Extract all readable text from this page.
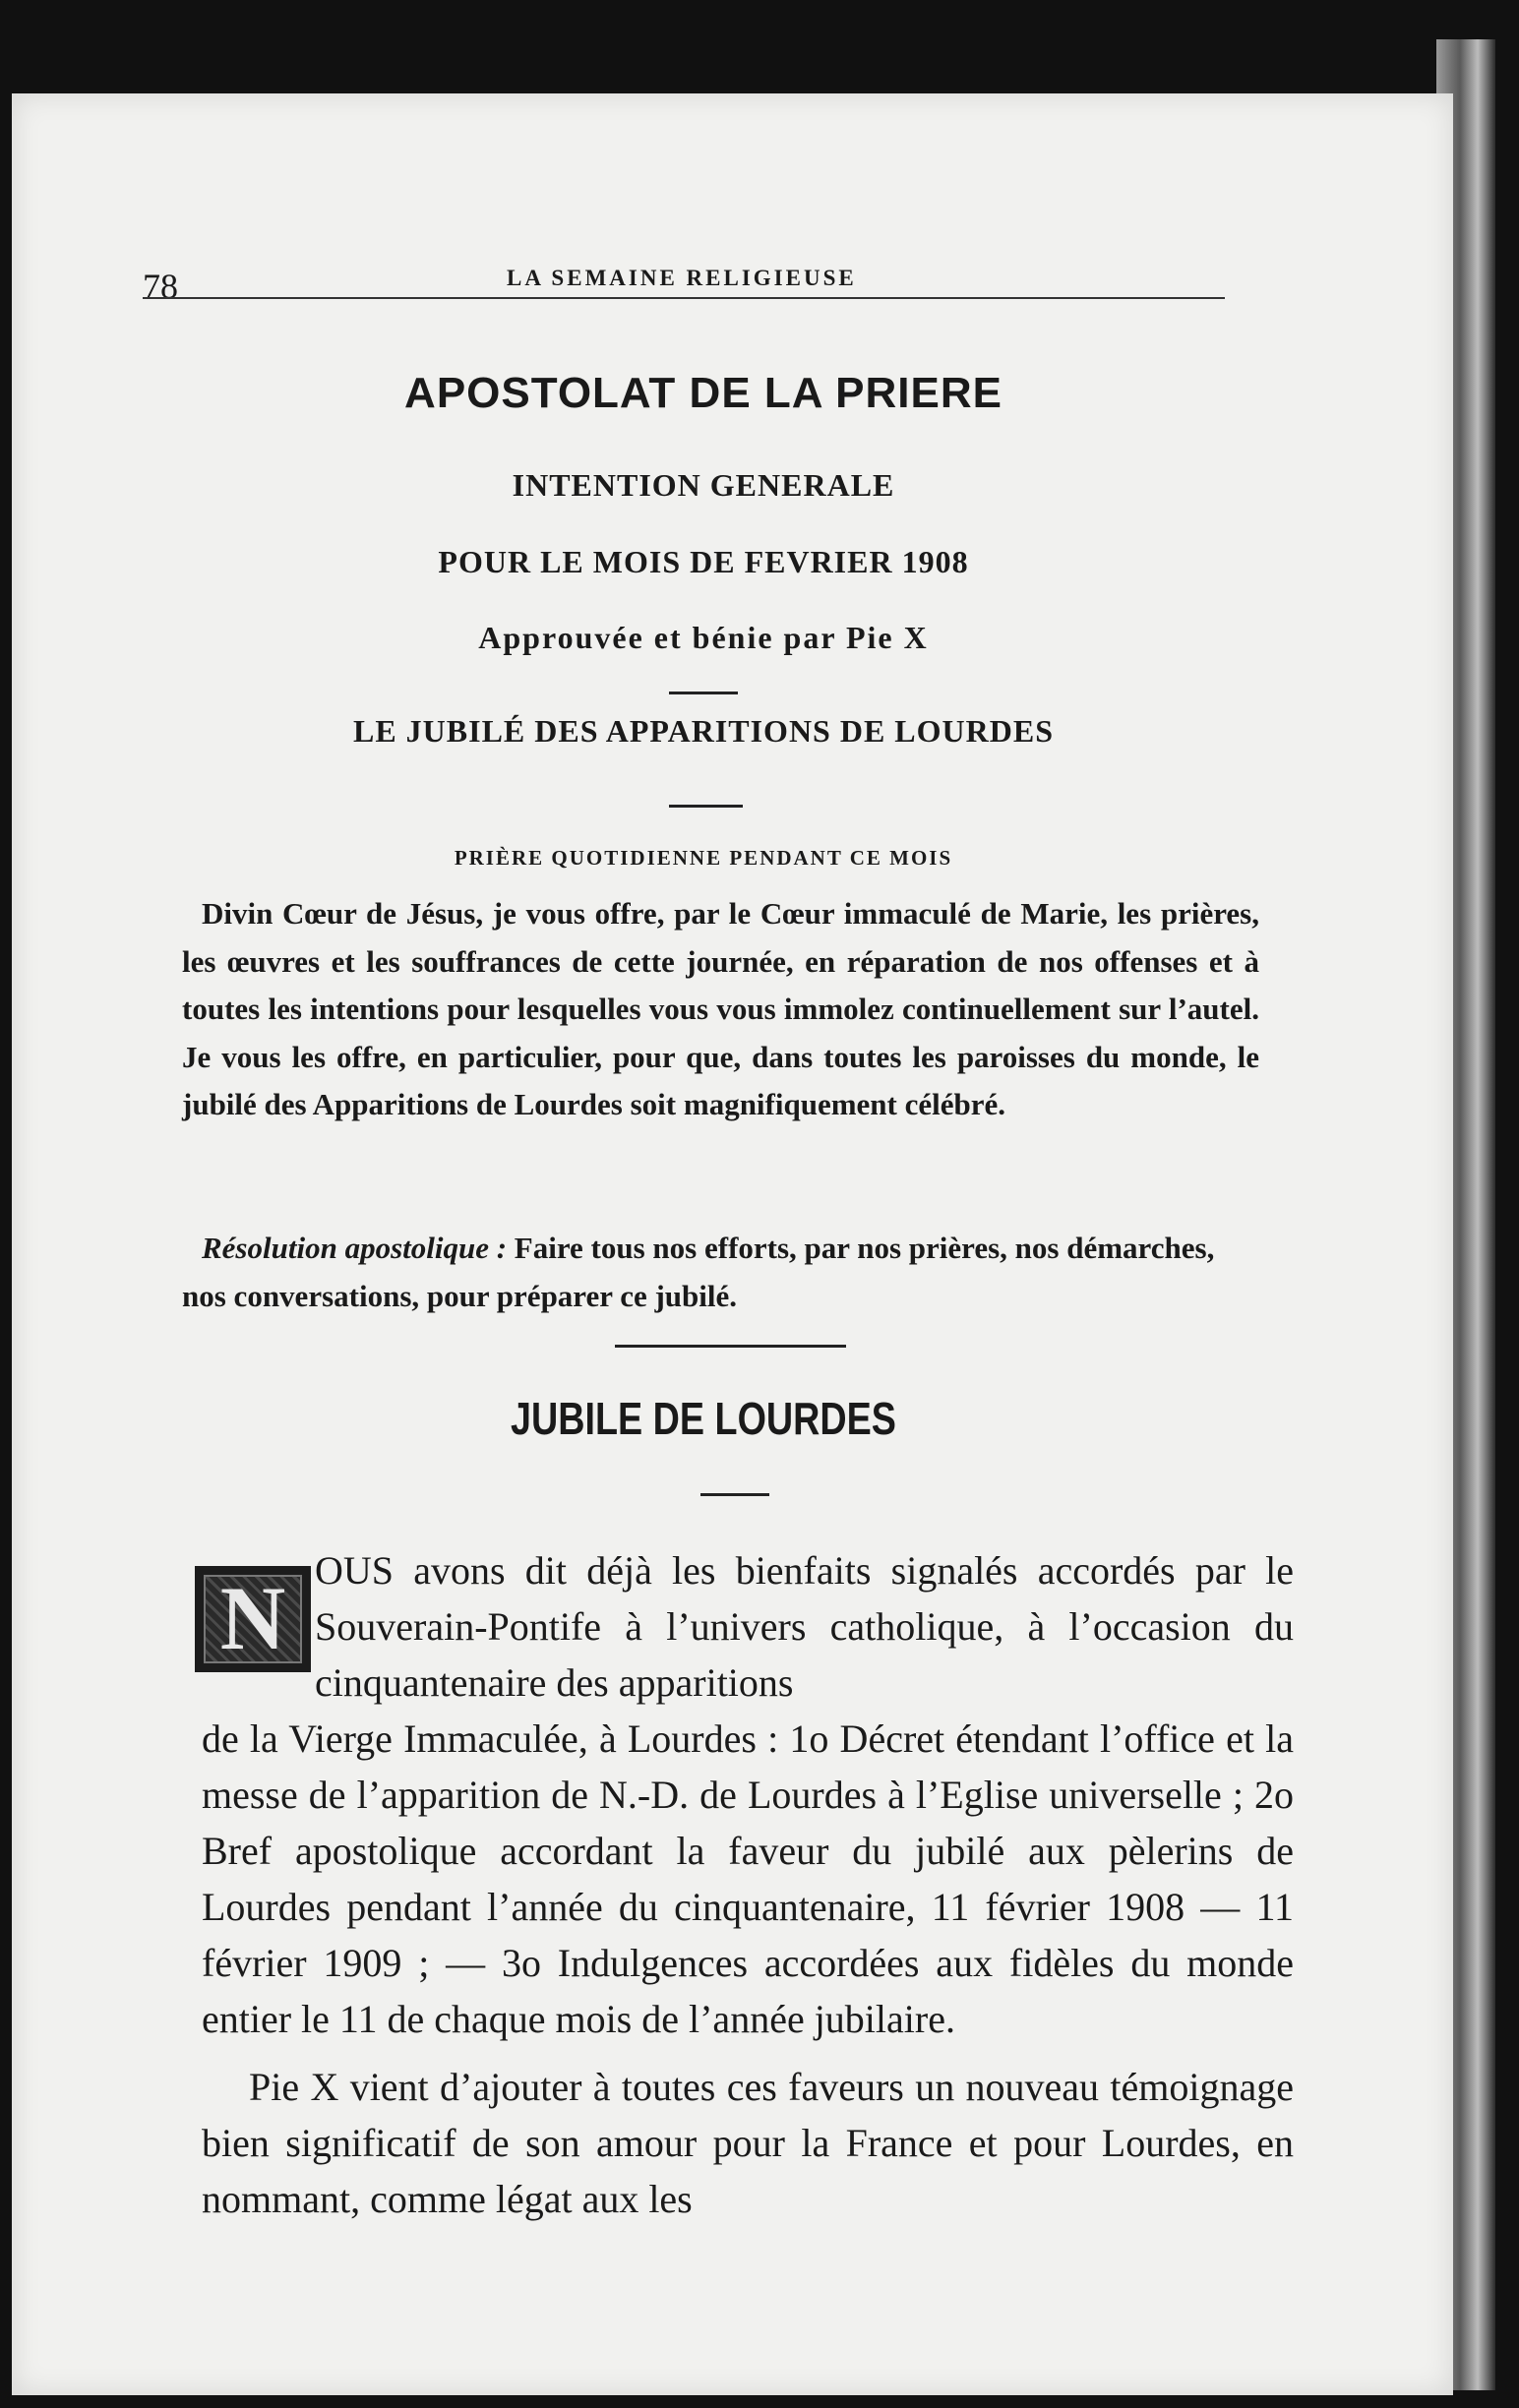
78	LA SEMAINE RELIGIEUSE
APOSTOLAT DE LA PRIERE
INTENTION GENERALE
POUR LE MOIS DE FEVRIER 1908
Approuvée et bénie par Pie X
LE JUBILÉ DES APPARITIONS DE LOURDES
PRIÈRE QUOTIDIENNE PENDANT CE MOIS
Divin Cœur de Jésus, je vous offre, par le Cœur immaculé de Marie, les prières, les œuvres et les souffrances de cette journée, en réparation de nos offenses et à toutes les intentions pour lesquelles vous vous immolez continuellement sur l’autel. Je vous les offre, en particulier, pour que, dans toutes les paroisses du monde, le jubilé des Apparitions de Lourdes soit magnifiquement célébré.
Résolution apostolique : Faire tous nos efforts, par nos prières, nos démarches, nos conversations, pour préparer ce jubilé.
JUBILE DE LOURDES
N OUS avons dit déjà les bienfaits signalés accordés par le Souverain-Pontife à l’univers catholique, à l’occasion du cinquantenaire des apparitions
de la Vierge Immaculée, à Lourdes : 1o Décret étendant l’office et la messe de l’apparition de N.-D. de Lourdes à l’Eglise universelle ; 2o Bref apostolique accordant la faveur du jubilé aux pèlerins de Lourdes pendant l’année du cinquantenaire, 11 février 1908 — 11 février 1909 ; — 3o Indulgences accordées aux fidèles du monde entier le 11 de chaque mois de l’année jubilaire.
Pie X vient d’ajouter à toutes ces faveurs un nouveau témoignage bien significatif de son amour pour la France et pour Lourdes, en nommant, comme légat aux les
